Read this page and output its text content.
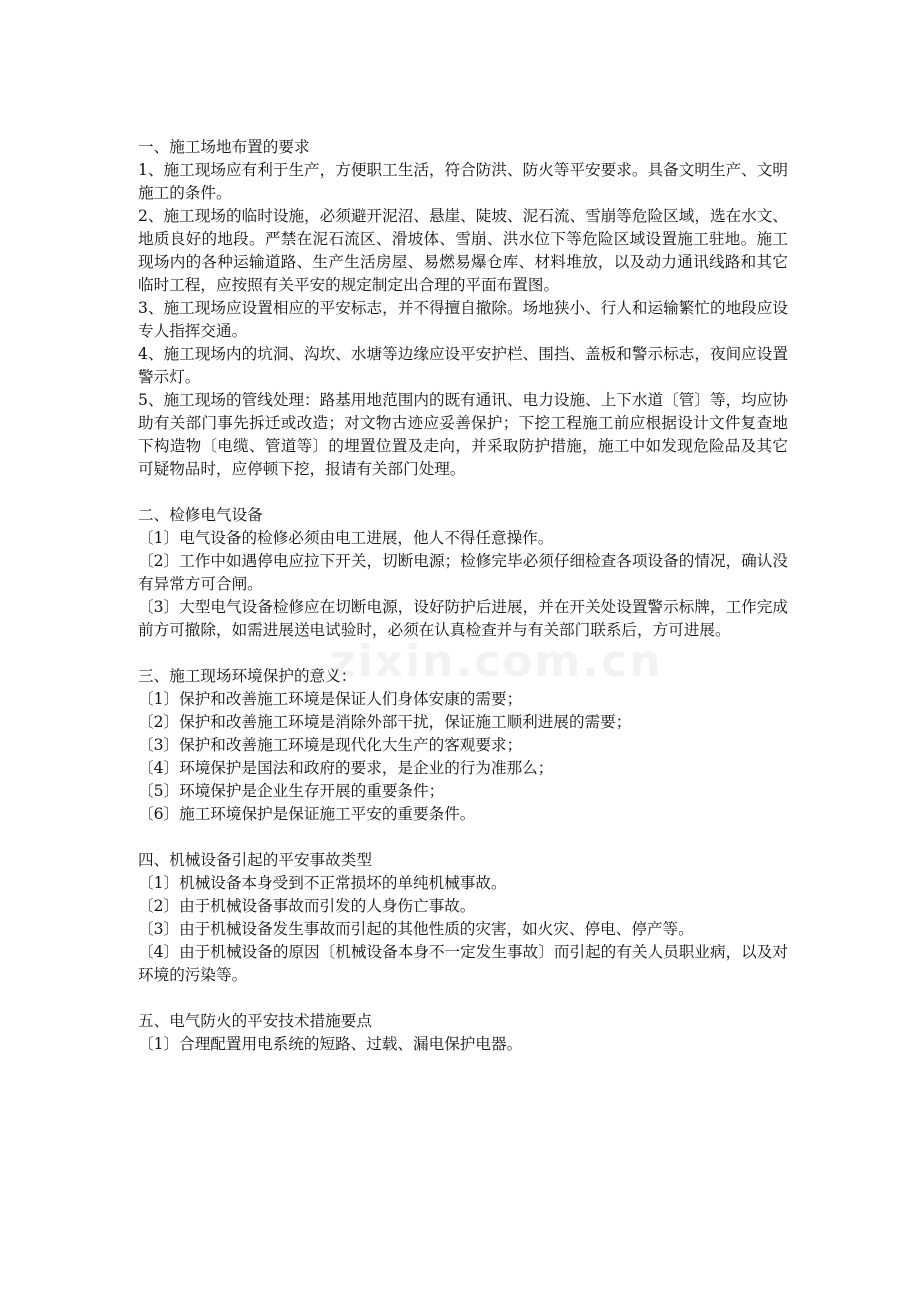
一、施工场地布置的要求

1、施工现场应有利于生产，方便职工生活，符合防洪、防火等平安要求。具备文明生产、文明施工的条件。

2、施工现场的临时设施，必须避开泥沼、悬崖、陡坡、泥石流、雪崩等危险区域，选在水文、地质良好的地段。严禁在泥石流区、滑坡体、雪崩、洪水位下等危险区域设置施工驻地。施工现场内的各种运输道路、生产生活房屋、易燃易爆仓库、材料堆放，以及动力通讯线路和其它临时工程，应按照有关平安的规定制定出合理的平面布置图。

3、施工现场应设置相应的平安标志，并不得擅自撤除。场地狭小、行人和运输繁忙的地段应设专人指挥交通。

4、施工现场内的坑洞、沟坎、水塘等边缘应设平安护栏、围挡、盖板和警示标志，夜间应设置警示灯。

5、施工现场的管线处理：路基用地范围内的既有通讯、电力设施、上下水道〔管〕等，均应协助有关部门事先拆迁或改造；对文物古迹应妥善保护；下挖工程施工前应根据设计文件复查地下构造物〔电缆、管道等〕的埋置位置及走向，并采取防护措施，施工中如发现危险品及其它可疑物品时，应停顿下挖，报请有关部门处理。

二、检修电气设备

〔1〕电气设备的检修必须由电工进展，他人不得任意操作。

〔2〕工作中如遇停电应拉下开关，切断电源；检修完毕必须仔细检查各项设备的情况，确认没有异常方可合闸。

〔3〕大型电气设备检修应在切断电源，设好防护后进展，并在开关处设置警示标牌，工作完成前方可撤除，如需进展送电试验时，必须在认真检查并与有关部门联系后，方可进展。

三、施工现场环境保护的意义：

〔1〕保护和改善施工环境是保证人们身体安康的需要；

〔2〕保护和改善施工环境是消除外部干扰，保证施工顺利进展的需要；

〔3〕保护和改善施工环境是现代化大生产的客观要求；

〔4〕环境保护是国法和政府的要求，是企业的行为准那么；

〔5〕环境保护是企业生存开展的重要条件；

〔6〕施工环境保护是保证施工平安的重要条件。

四、机械设备引起的平安事故类型

〔1〕机械设备本身受到不正常损坏的单纯机械事故。

〔2〕由于机械设备事故而引发的人身伤亡事故。

〔3〕由于机械设备发生事故而引起的其他性质的灾害，如火灾、停电、停产等。

〔4〕由于机械设备的原因〔机械设备本身不一定发生事故〕而引起的有关人员职业病，以及对环境的污染等。

五、电气防火的平安技术措施要点

〔1〕合理配置用电系统的短路、过载、漏电保护电器。

zixin.com.cn
